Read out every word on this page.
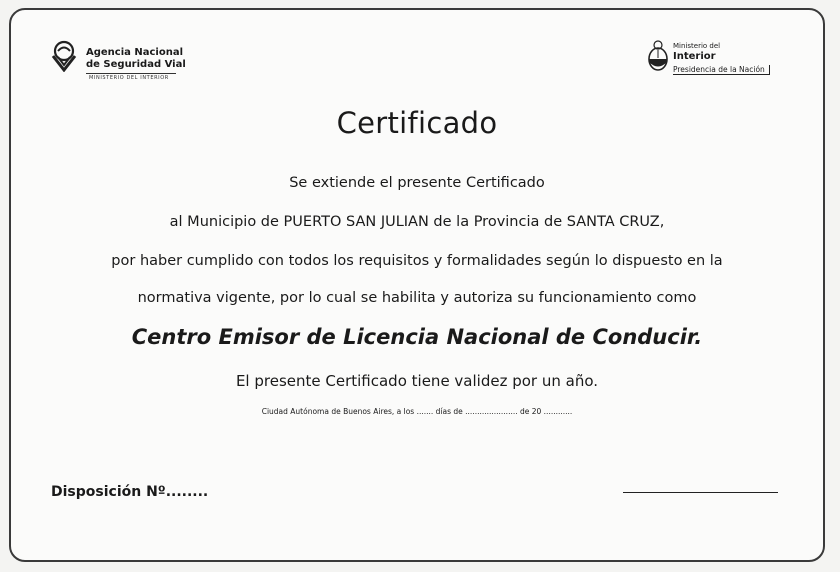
Agencia Nacional
de Seguridad Vial
MINISTERIO DEL INTERIOR
Ministerio del
Interior
Presidencia de la Nación
Certificado
Se extiende el presente Certificado
al Municipio de PUERTO SAN JULIAN de la Provincia de SANTA CRUZ,
por haber cumplido con todos los requisitos y formalidades según lo dispuesto en la
normativa vigente, por lo cual se habilita y autoriza su funcionamiento como
Centro Emisor de Licencia Nacional de Conducir.
El presente Certificado tiene validez por un año.
Ciudad Autónoma de Buenos Aires, a los ....... días de ...................... de 20 ............
Disposición Nº........
